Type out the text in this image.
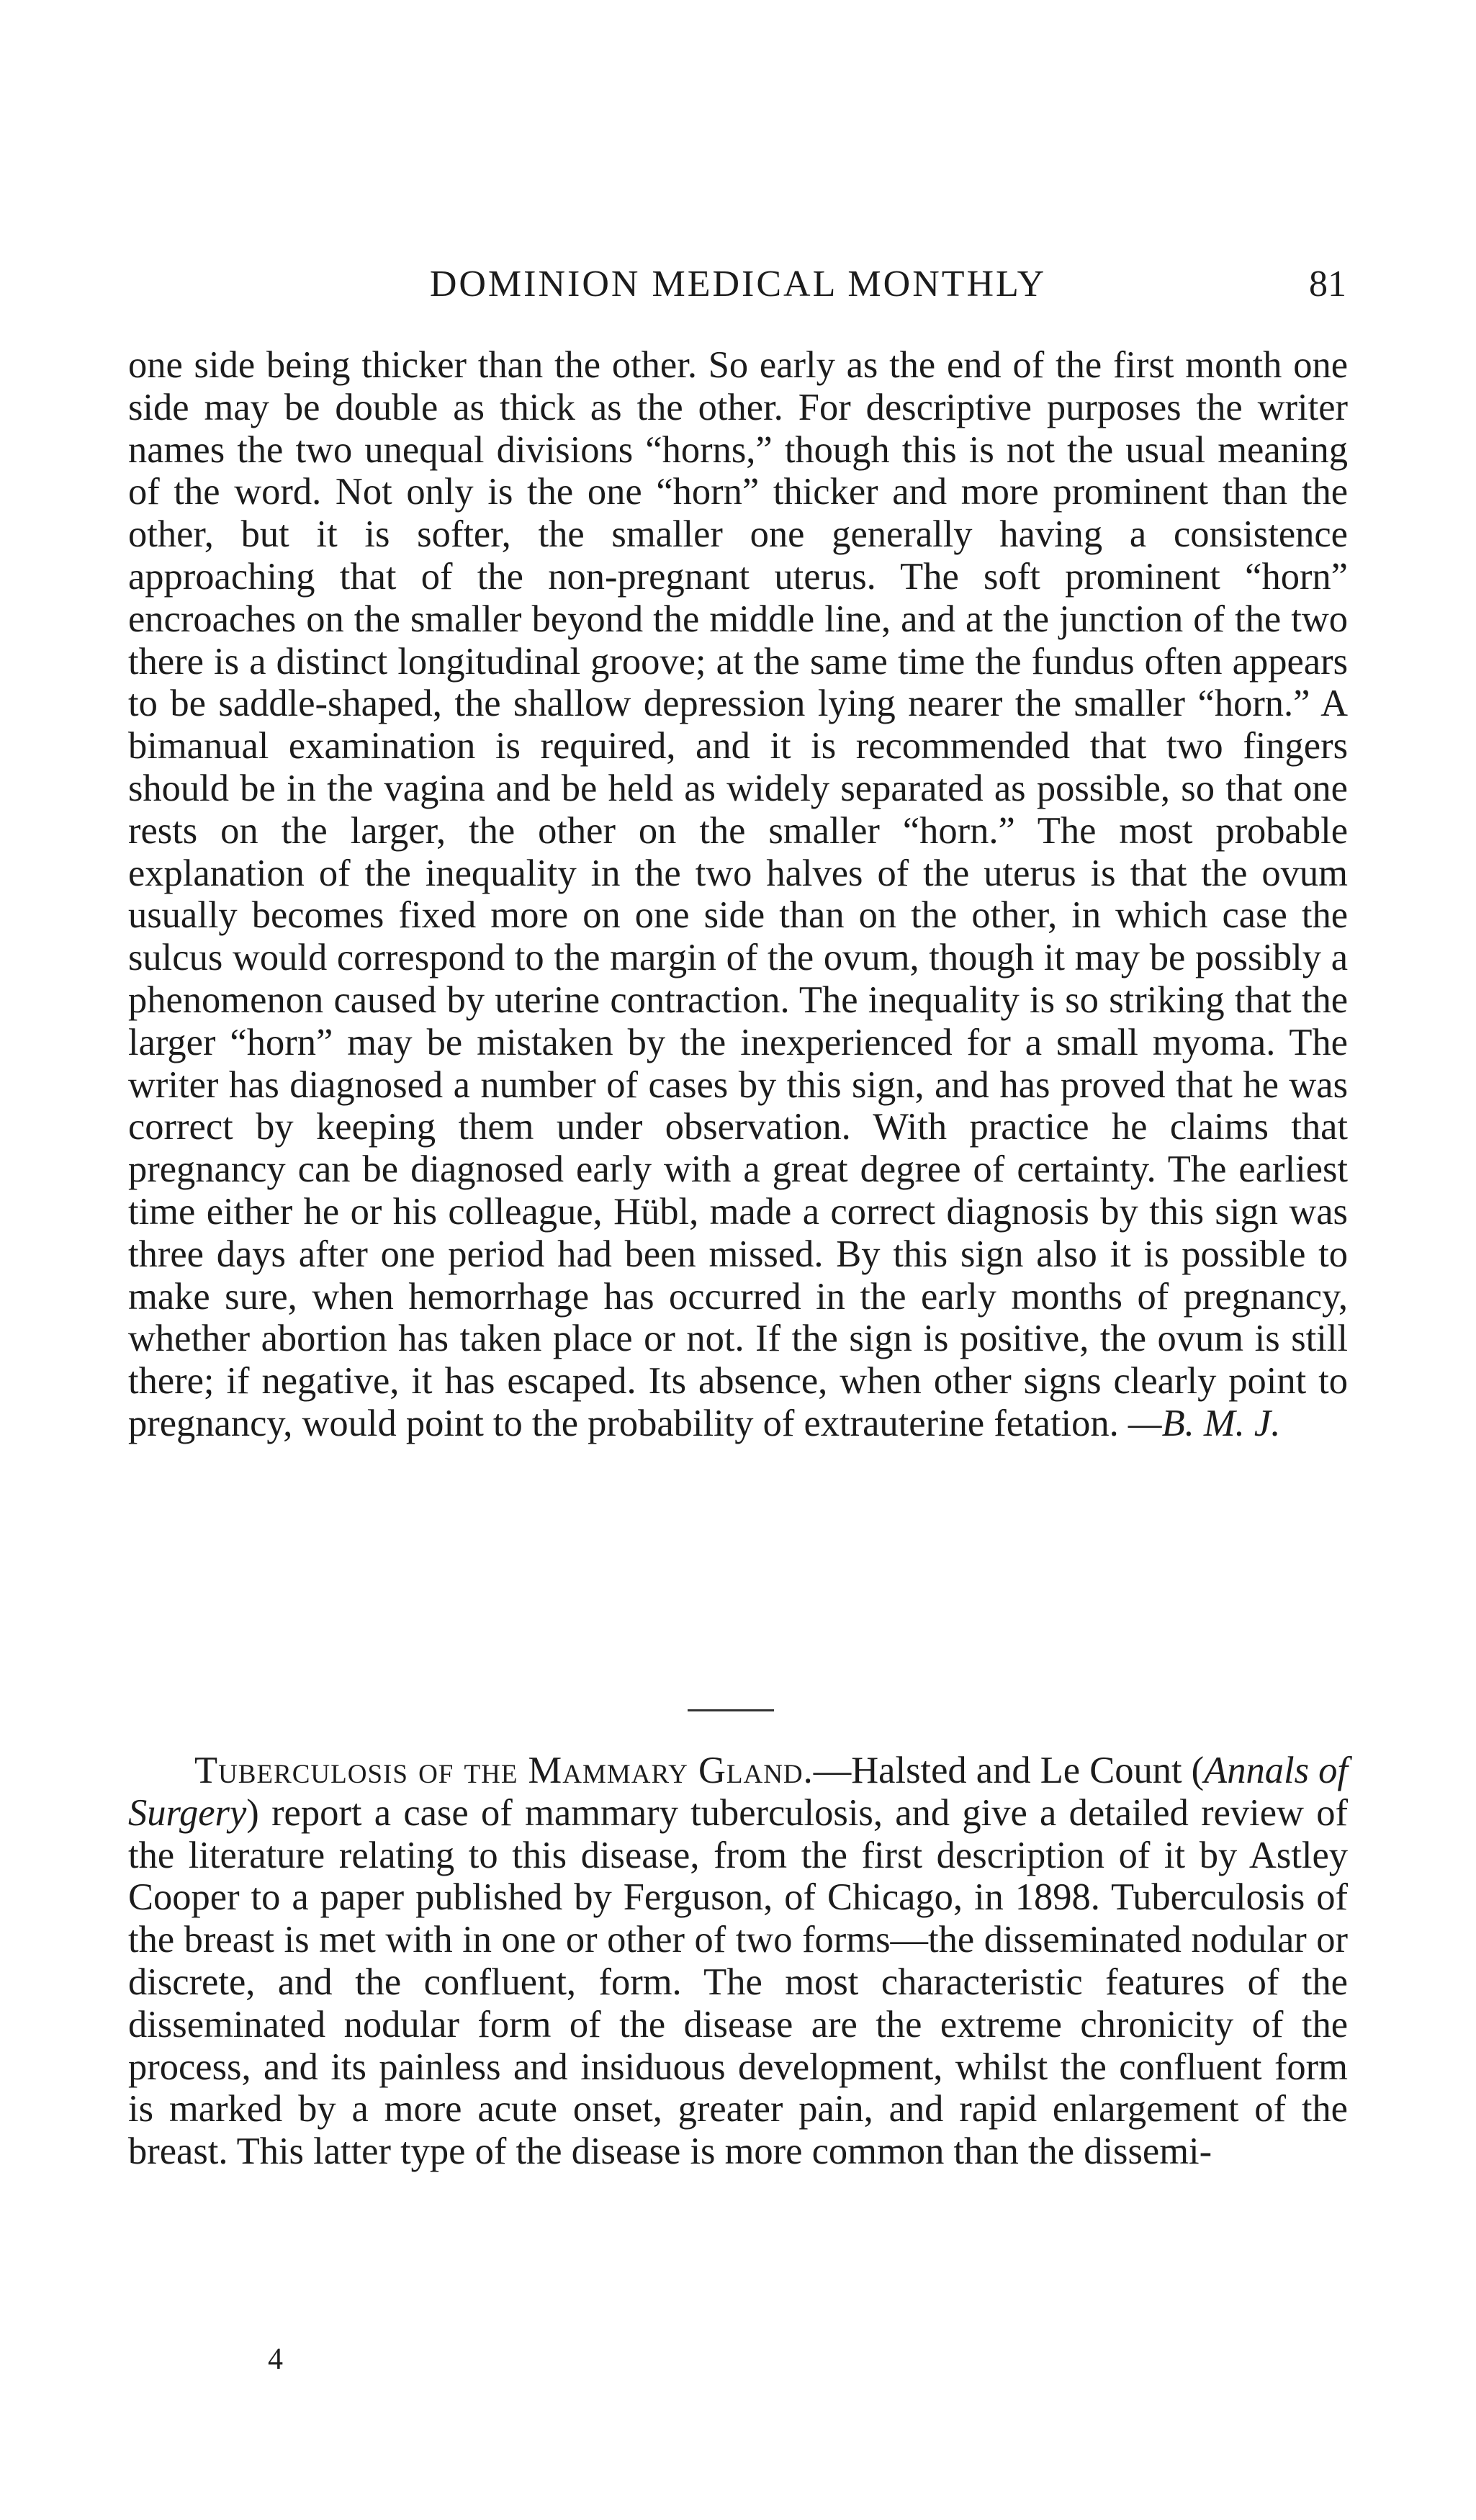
DOMINION MEDICAL MONTHLY	81

one side being thicker than the other. So early as the end of the first month one side may be double as thick as the other. For descriptive purposes the writer names the two unequal divisions “horns,” though this is not the usual meaning of the word. Not only is the one “horn” thicker and more prominent than the other, but it is softer, the smaller one generally having a consistence approaching that of the non-pregnant uterus. The soft prominent “horn” encroaches on the smaller beyond the middle line, and at the junction of the two there is a distinct longitudinal groove; at the same time the fundus often appears to be saddle-shaped, the shallow depression lying nearer the smaller “horn.” A bimanual examination is required, and it is recommended that two fingers should be in the vagina and be held as widely separated as possible, so that one rests on the larger, the other on the smaller “horn.” The most probable explanation of the inequality in the two halves of the uterus is that the ovum usually becomes fixed more on one side than on the other, in which case the sulcus would correspond to the margin of the ovum, though it may be possibly a phenomenon caused by uterine contraction. The inequality is so striking that the larger “horn” may be mistaken by the inexperienced for a small myoma. The writer has diagnosed a number of cases by this sign, and has proved that he was correct by keeping them under observation. With practice he claims that pregnancy can be diagnosed early with a great degree of certainty. The earliest time either he or his colleague, Hübl, made a correct diagnosis by this sign was three days after one period had been missed. By this sign also it is possible to make sure, when hemorrhage has occurred in the early months of pregnancy, whether abortion has taken place or not. If the sign is positive, the ovum is still there; if negative, it has escaped. Its absence, when other signs clearly point to pregnancy, would point to the probability of extrauterine fetation. —B. M. J.

Tuberculosis of the Mammary Gland.—Halsted and Le Count (Annals of Surgery) report a case of mammary tuberculosis, and give a detailed review of the literature relating to this disease, from the first description of it by Astley Cooper to a paper published by Ferguson, of Chicago, in 1898. Tuberculosis of the breast is met with in one or other of two forms—the disseminated nodular or discrete, and the confluent, form. The most characteristic features of the disseminated nodular form of the disease are the extreme chronicity of the process, and its painless and insiduous development, whilst the confluent form is marked by a more acute onset, greater pain, and rapid enlargement of the breast. This latter type of the disease is more common than the dissemi-

4
